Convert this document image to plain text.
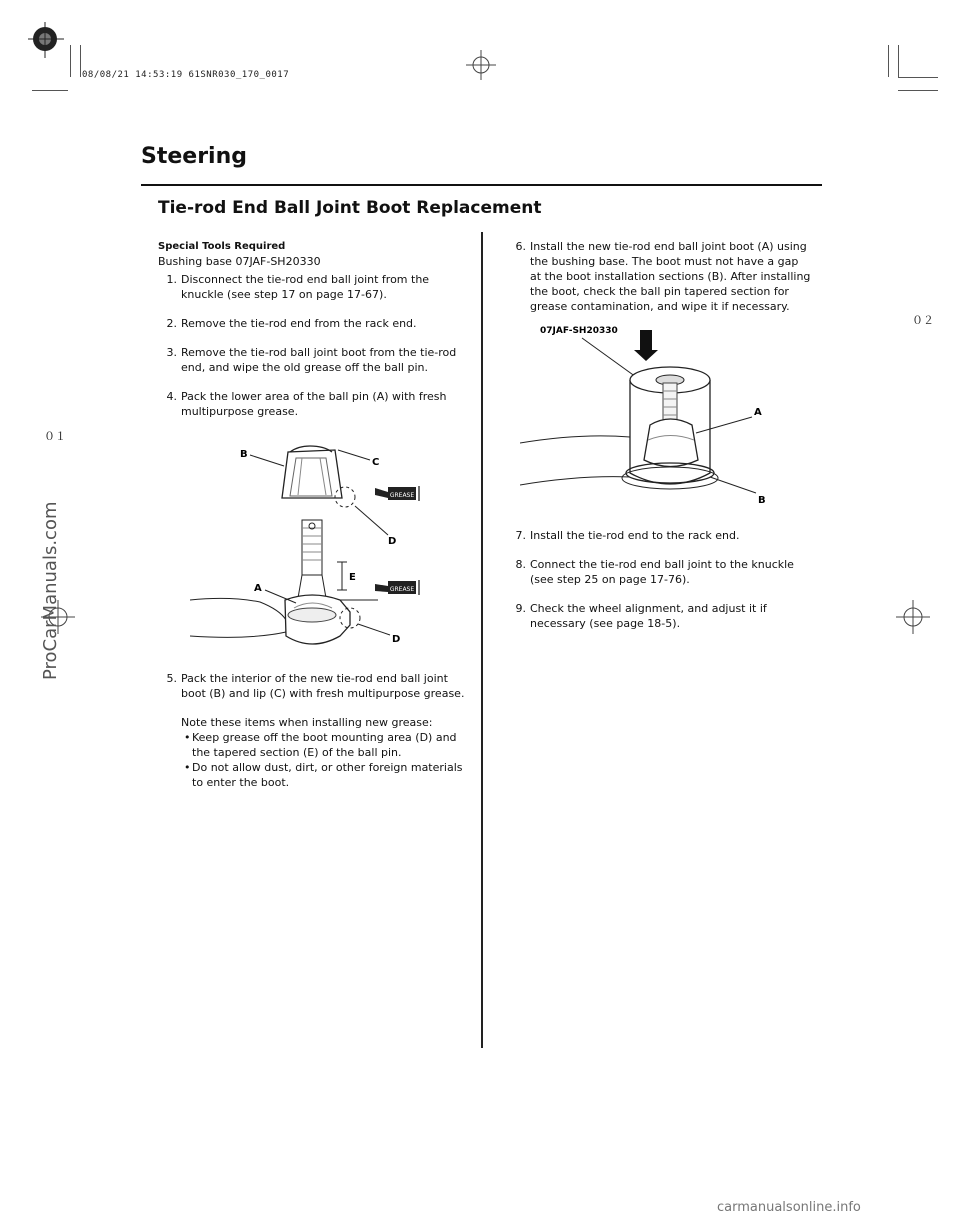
08/08/21 14:53:19 61SNR030_170_0017
Steering
Tie-rod End Ball Joint Boot Replacement

Special Tools Required

Bushing base 07JAF-SH20330

1. Disconnect the tie-rod end ball joint from the knuckle (see step 17 on page 17-67).

2. Remove the tie-rod end from the rack end.

3. Remove the tie-rod ball joint boot from the tie-rod end, and wipe the old grease off the ball pin.

4. Pack the lower area of the ball pin (A) with fresh multipurpose grease.

GREASE
GREASE
B
C
D
A
E
D

5. Pack the interior of the new tie-rod end ball joint boot (B) and lip (C) with fresh multipurpose grease.

Note these items when installing new grease:

• Keep grease off the boot mounting area (D) and the tapered section (E) of the ball pin.

• Do not allow dust, dirt, or other foreign materials to enter the boot.

6. Install the new tie-rod end ball joint boot (A) using the bushing base. The boot must not have a gap at the boot installation sections (B). After installing the boot, check the ball pin tapered section for grease contamination, and wipe it if necessary.

07JAF-SH20330
A
B

7. Install the tie-rod end to the rack end.

8. Connect the tie-rod end ball joint to the knuckle (see step 25 on page 17-76).

9. Check the wheel alignment, and adjust it if necessary (see page 18-5).

０２
０１
ProCarManuals.com
carmanualsonline.info
